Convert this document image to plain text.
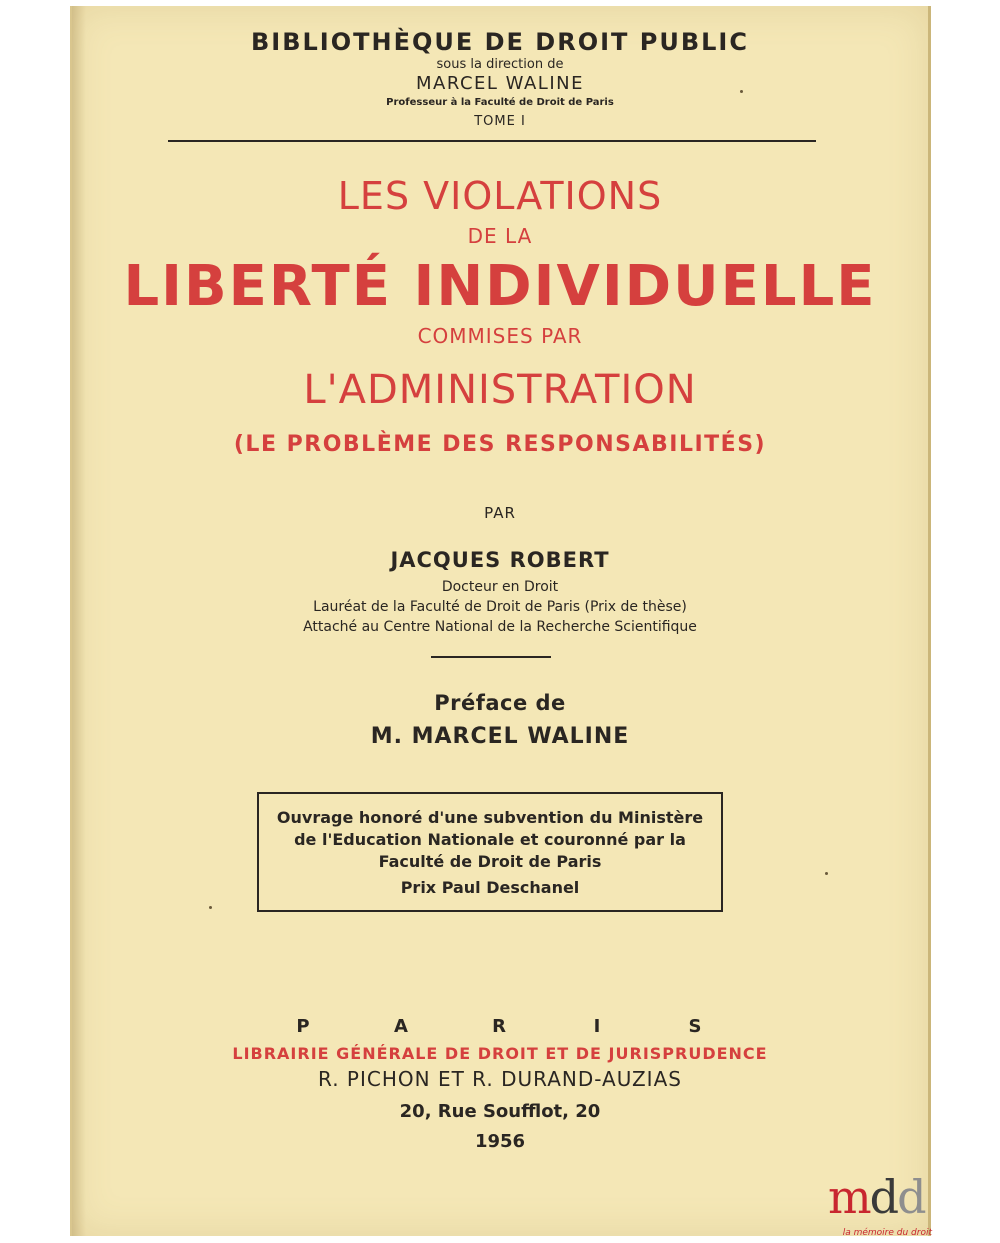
BIBLIOTHÈQUE DE DROIT PUBLIC
sous la direction de
MARCEL WALINE
Professeur à la Faculté de Droit de Paris
TOME I
LES VIOLATIONS
DE LA
LIBERTÉ INDIVIDUELLE
COMMISES PAR
L'ADMINISTRATION
(LE PROBLÈME DES RESPONSABILITÉS)
PAR
JACQUES ROBERT
Docteur en Droit
Lauréat de la Faculté de Droit de Paris (Prix de thèse)
Attaché au Centre National de la Recherche Scientifique
Préface de
M. MARCEL WALINE
Ouvrage honoré d'une subvention du Ministère
de l'Education Nationale et couronné par la
Faculté de Droit de Paris
Prix Paul Deschanel
P	A	R	I	S
LIBRAIRIE GÉNÉRALE DE DROIT ET DE JURISPRUDENCE
R. PICHON ET R. DURAND-AUZIAS
20, Rue Soufflot, 20
1956
mdd
la mémoire du droit
